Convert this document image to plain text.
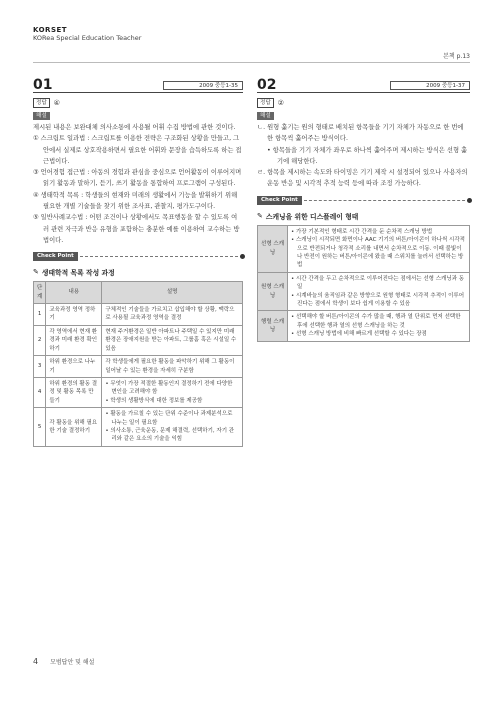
KORSET
KORea Special Education Teacher
본책 p.13
01	2009 중등1-35
정답	④
해설
제시된 내용은 보완대체 의사소통에 사용될 어휘 수집 방법에 관한 것이다.
① 스크립트 일과법 : 스크립트를 이용한 전략은 구조화된 상황을 만들고, 그 안에서 실제로 상호작용하면서 필요한 어휘와 문장을 습득하도록 하는 접근법이다.
③ 언어경험 접근법 : 아동의 경험과 관심을 중심으로 언어활동이 이루어지며 읽기 활동과 말하기, 듣기, 쓰기 활동을 통합하여 프로그램이 구성된다.
④ 생태학적 목록 : 학생들의 현재와 미래의 생활에서 기능을 발휘하기 위해 필요한 개별 기술들을 찾기 위한 조사표, 관찰지, 평가도구이다.
⑤ 일반사례교수법 : 어떤 조건이나 상황에서도 목표행동을 할 수 있도록 여러 관련 자극과 반응 유형을 포함하는 충분한 예를 이용하여 교수하는 방법이다.
Check Point
✎ 생태학적 목록 작성 과정
단계	내용	설명
1	교육과정 영역 정하기	구체적인 기술들을 가르치고 삽입해야 할 상황, 맥락으로 사용될 교육과정 영역을 결정
2	각 영역에서 현재 환경과 미래 환경 확인하기	현재 주거환경은 일반 아파트나 주택일 수 있지만 미래 환경은 장애지원을 받는 아파트, 그룹홈 혹은 시설일 수 있음
3	하위 환경으로 나누기	각 학생들에게 필요한 활동을 파악하기 위해 그 활동이 일어날 수 있는 환경을 자세히 구분함
4	하위 환경의 활동 결정 및 활동 목록 만들기	• 무엇이 가장 적절한 활동인지 결정하기 전에 다양한 변인을 고려해야 함
• 학생의 생활방식에 대한 정보를 제공함

5	각 활동을 위해 필요한 기술 결정하기	• 활동을 가르칠 수 있는 단위 수준이나 과제분석으로 나누는 일이 필요함
• 의사소통, 근육운동, 문제 해결력, 선택하기, 자기 관리와 같은 요소의 기술을 익힘
02	2009 중등1-37
정답	②
해설
ㄴ. 원형 훑기는 원의 형태로 배치된 항목들을 기기 자체가 자동으로 한 번에 한 항목씩 훑어주는 방식이다.
• 항목들을 기기 자체가 좌우로 하나씩 훑어주며 제시하는 방식은 선형 훑기에 해당한다.
ㄹ. 항목을 제시하는 속도와 타이밍은 기기 제작 시 설정되어 있으나 사용자의 운동 반응 및 시각적 추적 능력 등에 따라 조정 가능하다.
Check Point
✎ 스캐닝을 위한 디스플레이 형태
선형 스캐닝	• 가장 기본적인 형태로 시간 간격을 둔 순차적 스캐닝 방법
• 스캐닝이 시작되면 화면이나 AAC 기기의 버튼/아이콘이 하나씩 시각적으로 반전되거나 청각적 소리를 내면서 순차적으로 이동. 이때 불빛이나 반전이 원하는 버튼/아이콘에 왔을 때 스위치를 눌러서 선택하는 방법

원형 스캐닝	• 시간 간격을 두고 순차적으로 이루어진다는 점에서는 선형 스캐닝과 동일
• 시계바늘의 움직임과 같은 방향으로 원형 형태로 시각적 추적이 이루어진다는 점에서 학생이 보다 쉽게 이용할 수 있음

행렬 스캐닝	• 선택해야 할 버튼/아이콘의 수가 많을 때, 행과 열 단위로 먼저 선택한 후에 선택한 행과 열의 선형 스캐닝을 하는 것
• 선형 스캐닝 방법에 비해 빠르게 선택할 수 있다는 장점
4 모범답안 및 해설
